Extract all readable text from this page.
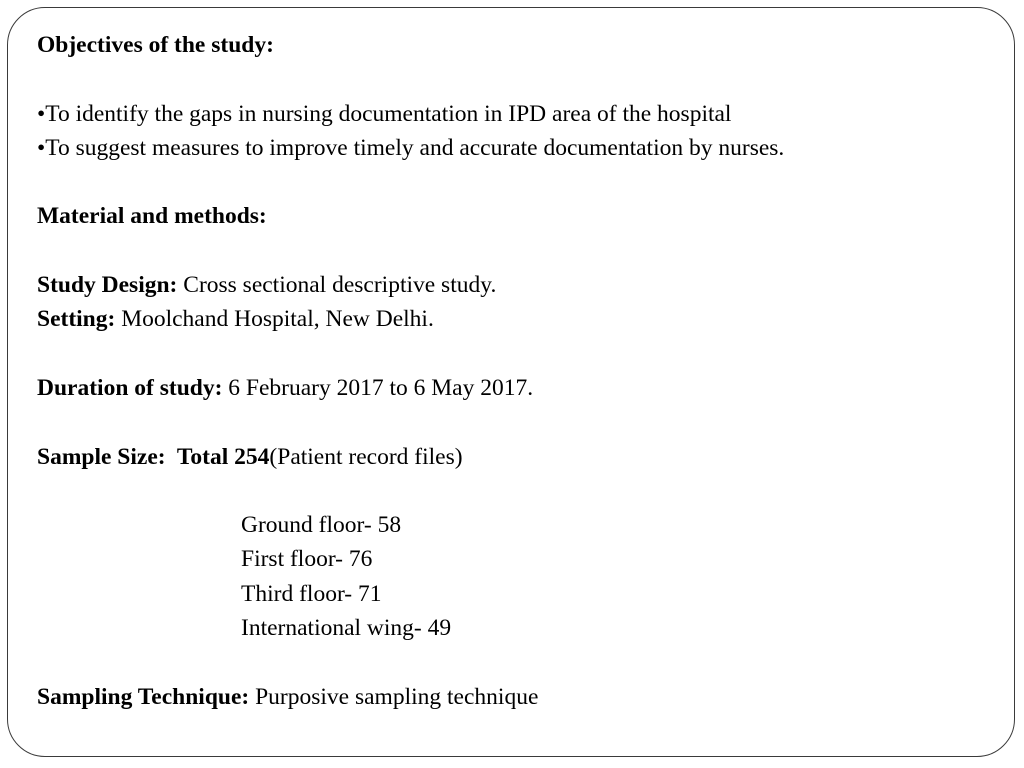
Objectives of the study:
•To identify the gaps in nursing documentation in IPD area of the hospital
•To suggest measures to improve timely and accurate documentation by nurses.
Material and methods:
Study Design: Cross sectional descriptive study.
Setting: Moolchand Hospital, New Delhi.
Duration of study: 6 February 2017 to 6 May 2017.
Sample Size:  Total 254(Patient record files)
Ground floor- 58
First floor- 76
Third floor- 71
International wing- 49
Sampling Technique: Purposive sampling technique
